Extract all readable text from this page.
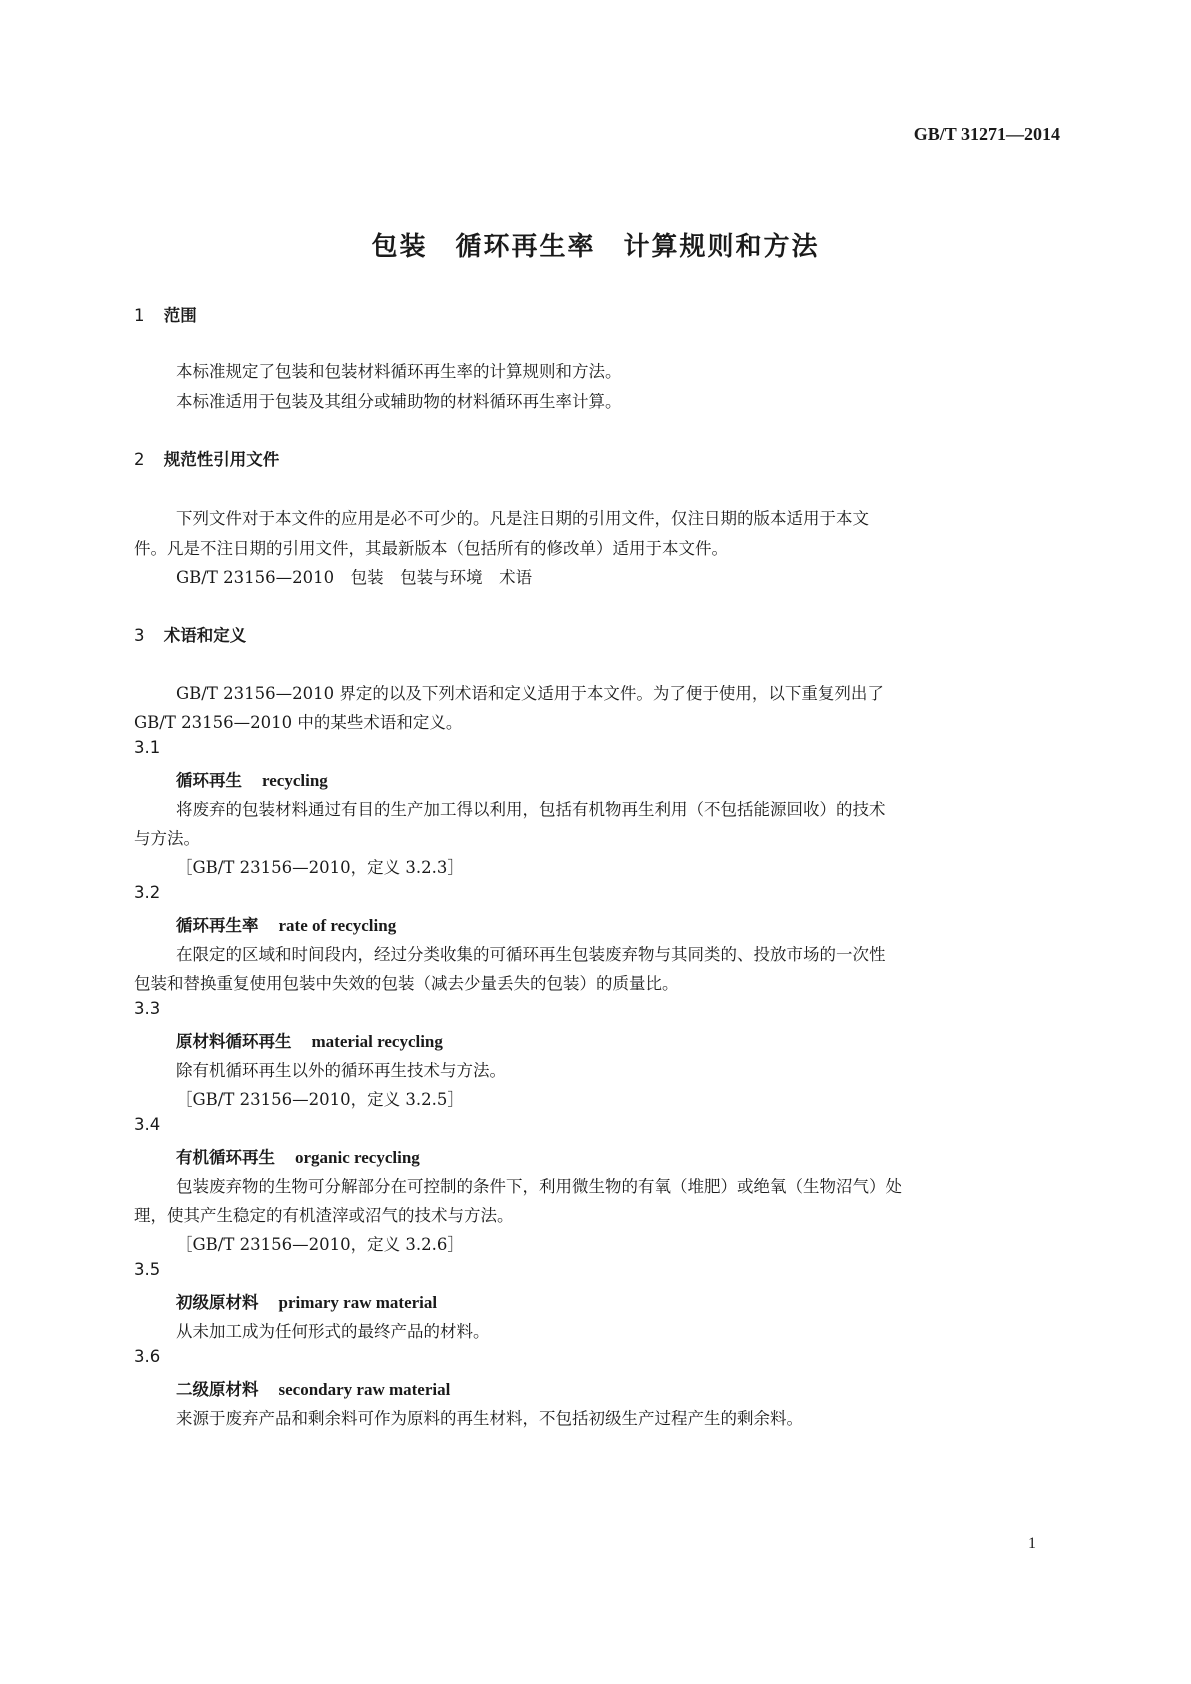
GB/T 31271—2014
包装　循环再生率　计算规则和方法
1 范围
本标准规定了包装和包装材料循环再生率的计算规则和方法。
本标准适用于包装及其组分或辅助物的材料循环再生率计算。
2 规范性引用文件
下列文件对于本文件的应用是必不可少的。凡是注日期的引用文件，仅注日期的版本适用于本文
件。凡是不注日期的引用文件，其最新版本（包括所有的修改单）适用于本文件。
GB/T 23156—2010　包装　包装与环境　术语
3 术语和定义
GB/T 23156—2010 界定的以及下列术语和定义适用于本文件。为了便于使用，以下重复列出了
GB/T 23156—2010 中的某些术语和定义。
3.1
循环再生 recycling
将废弃的包装材料通过有目的生产加工得以利用，包括有机物再生利用（不包括能源回收）的技术
与方法。
［GB/T 23156—2010，定义 3.2.3］
3.2
循环再生率 rate of recycling
在限定的区域和时间段内，经过分类收集的可循环再生包装废弃物与其同类的、投放市场的一次性
包装和替换重复使用包装中失效的包装（减去少量丢失的包装）的质量比。
3.3
原材料循环再生 material recycling
除有机循环再生以外的循环再生技术与方法。
［GB/T 23156—2010，定义 3.2.5］
3.4
有机循环再生 organic recycling
包装废弃物的生物可分解部分在可控制的条件下，利用微生物的有氧（堆肥）或绝氧（生物沼气）处
理，使其产生稳定的有机渣滓或沼气的技术与方法。
［GB/T 23156—2010，定义 3.2.6］
3.5
初级原材料 primary raw material
从未加工成为任何形式的最终产品的材料。
3.6
二级原材料 secondary raw material
来源于废弃产品和剩余料可作为原料的再生材料，不包括初级生产过程产生的剩余料。
1
